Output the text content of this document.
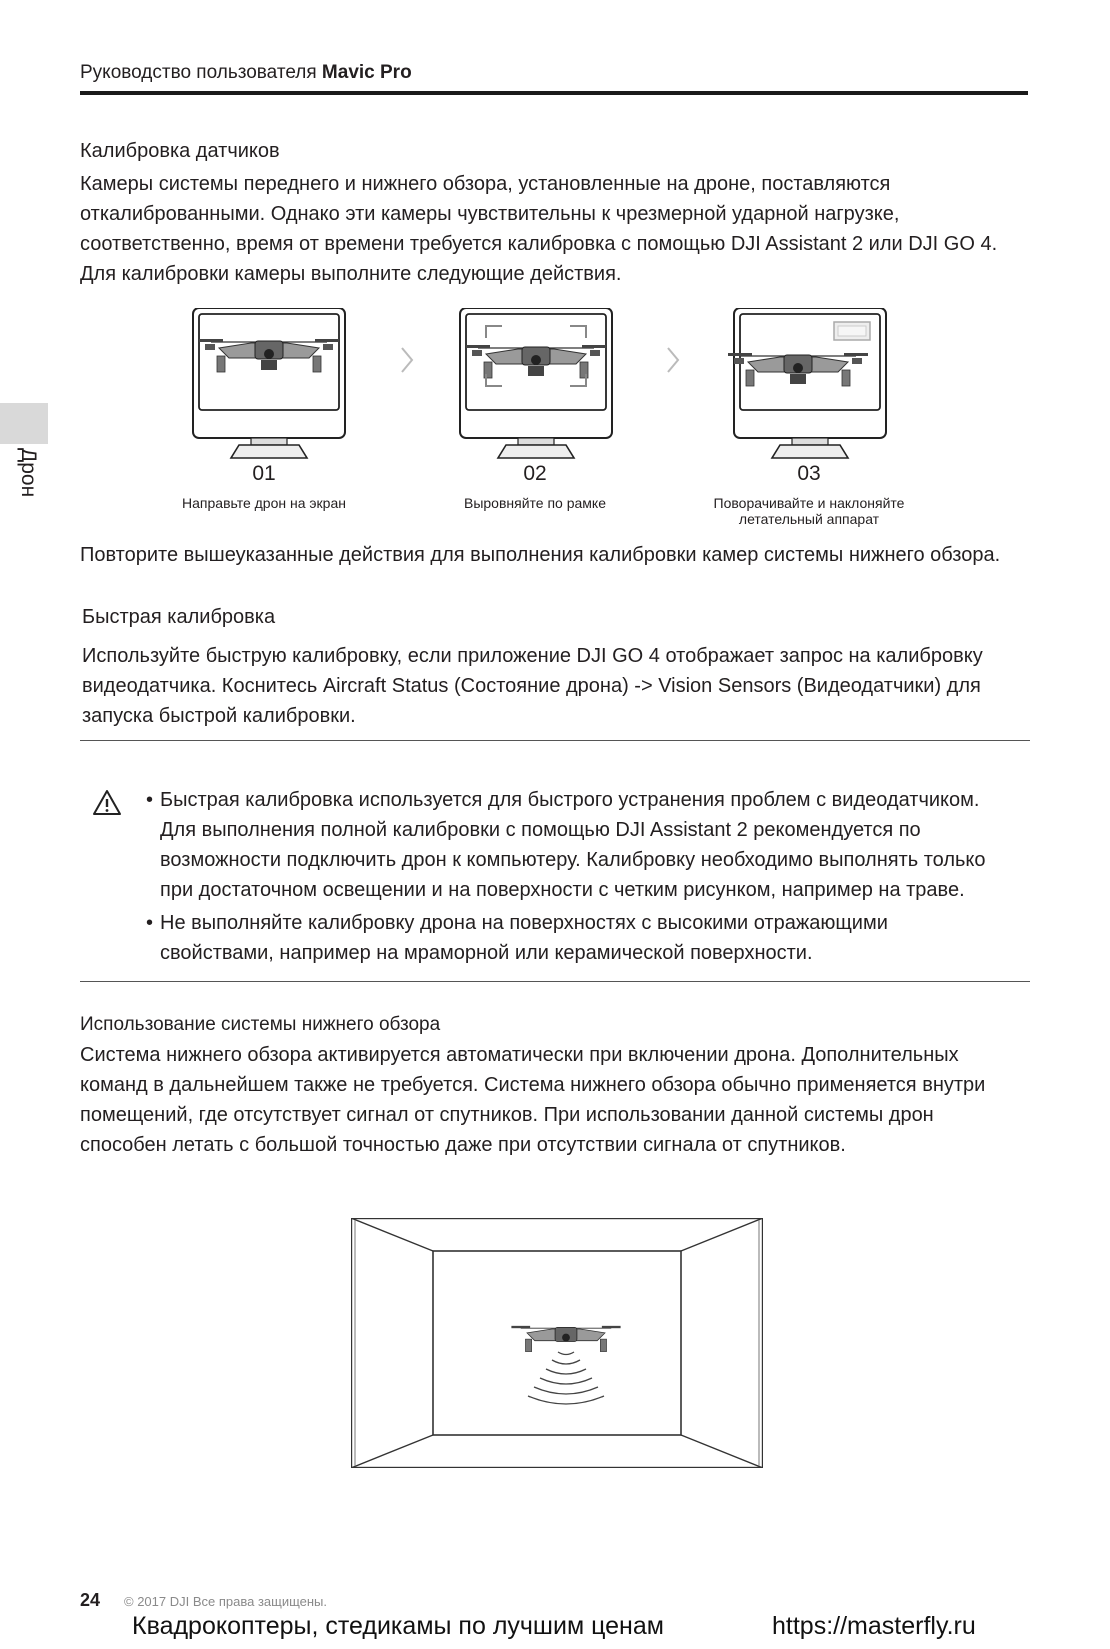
Руководство пользователя Mavic Pro
Дрон
Калибровка датчиков
Камеры системы переднего и нижнего обзора, установленные на дроне, поставляются
откалиброванными. Однако эти камеры чувствительны к чрезмерной ударной нагрузке,
соответственно, время от времени требуется калибровка с помощью DJI Assistant 2 или DJI GO 4.
Для калибровки камеры выполните следующие действия.
01	02	03
Направьте дрон на экран	Выровняйте по рамке	Поворачивайте и наклоняйте
летательный аппарат
Повторите вышеуказанные действия для выполнения калибровки камер системы нижнего обзора.
Быстрая калибровка
Используйте быструю калибровку, если приложение DJI GO 4 отображает запрос на калибровку
видеодатчика. Коснитесь Aircraft Status (Состояние дрона) -> Vision Sensors (Видеодатчики) для
запуска быстрой калибровки.
• Быстрая калибровка используется для быстрого устранения проблем с видеодатчиком.
Для выполнения полной калибровки с помощью DJI Assistant 2 рекомендуется по
возможности подключить дрон к компьютеру. Калибровку необходимо выполнять только
при достаточном освещении и на поверхности с четким рисунком, например на траве.
• Не выполняйте калибровку дрона на поверхностях с высокими отражающими
свойствами, например на мраморной или керамической поверхности.
Использование системы нижнего обзора
Система нижнего обзора активируется автоматически при включении дрона. Дополнительных
команд в дальнейшем также не требуется. Система нижнего обзора обычно применяется внутри
помещений, где отсутствует сигнал от спутников. При использовании данной системы дрон
способен летать с большой точностью даже при отсутствии сигнала от спутников.
24 © 2017 DJI Все права защищены.
Квадрокоптеры, стедикамы по лучшим ценам	https://masterfly.ru
